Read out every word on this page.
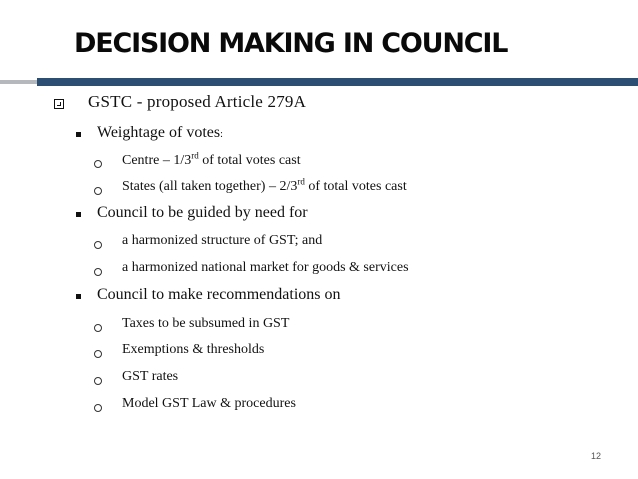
DECISION MAKING IN COUNCIL
GSTC - proposed Article 279A
Weightage of votes:
Centre – 1/3rd of total votes cast
States (all taken together) – 2/3rd of total votes cast
Council to be guided by need for
a harmonized structure of GST; and
a harmonized national market for goods & services
Council to make recommendations on
Taxes to be subsumed in GST
Exemptions & thresholds
GST rates
Model GST Law & procedures
12
